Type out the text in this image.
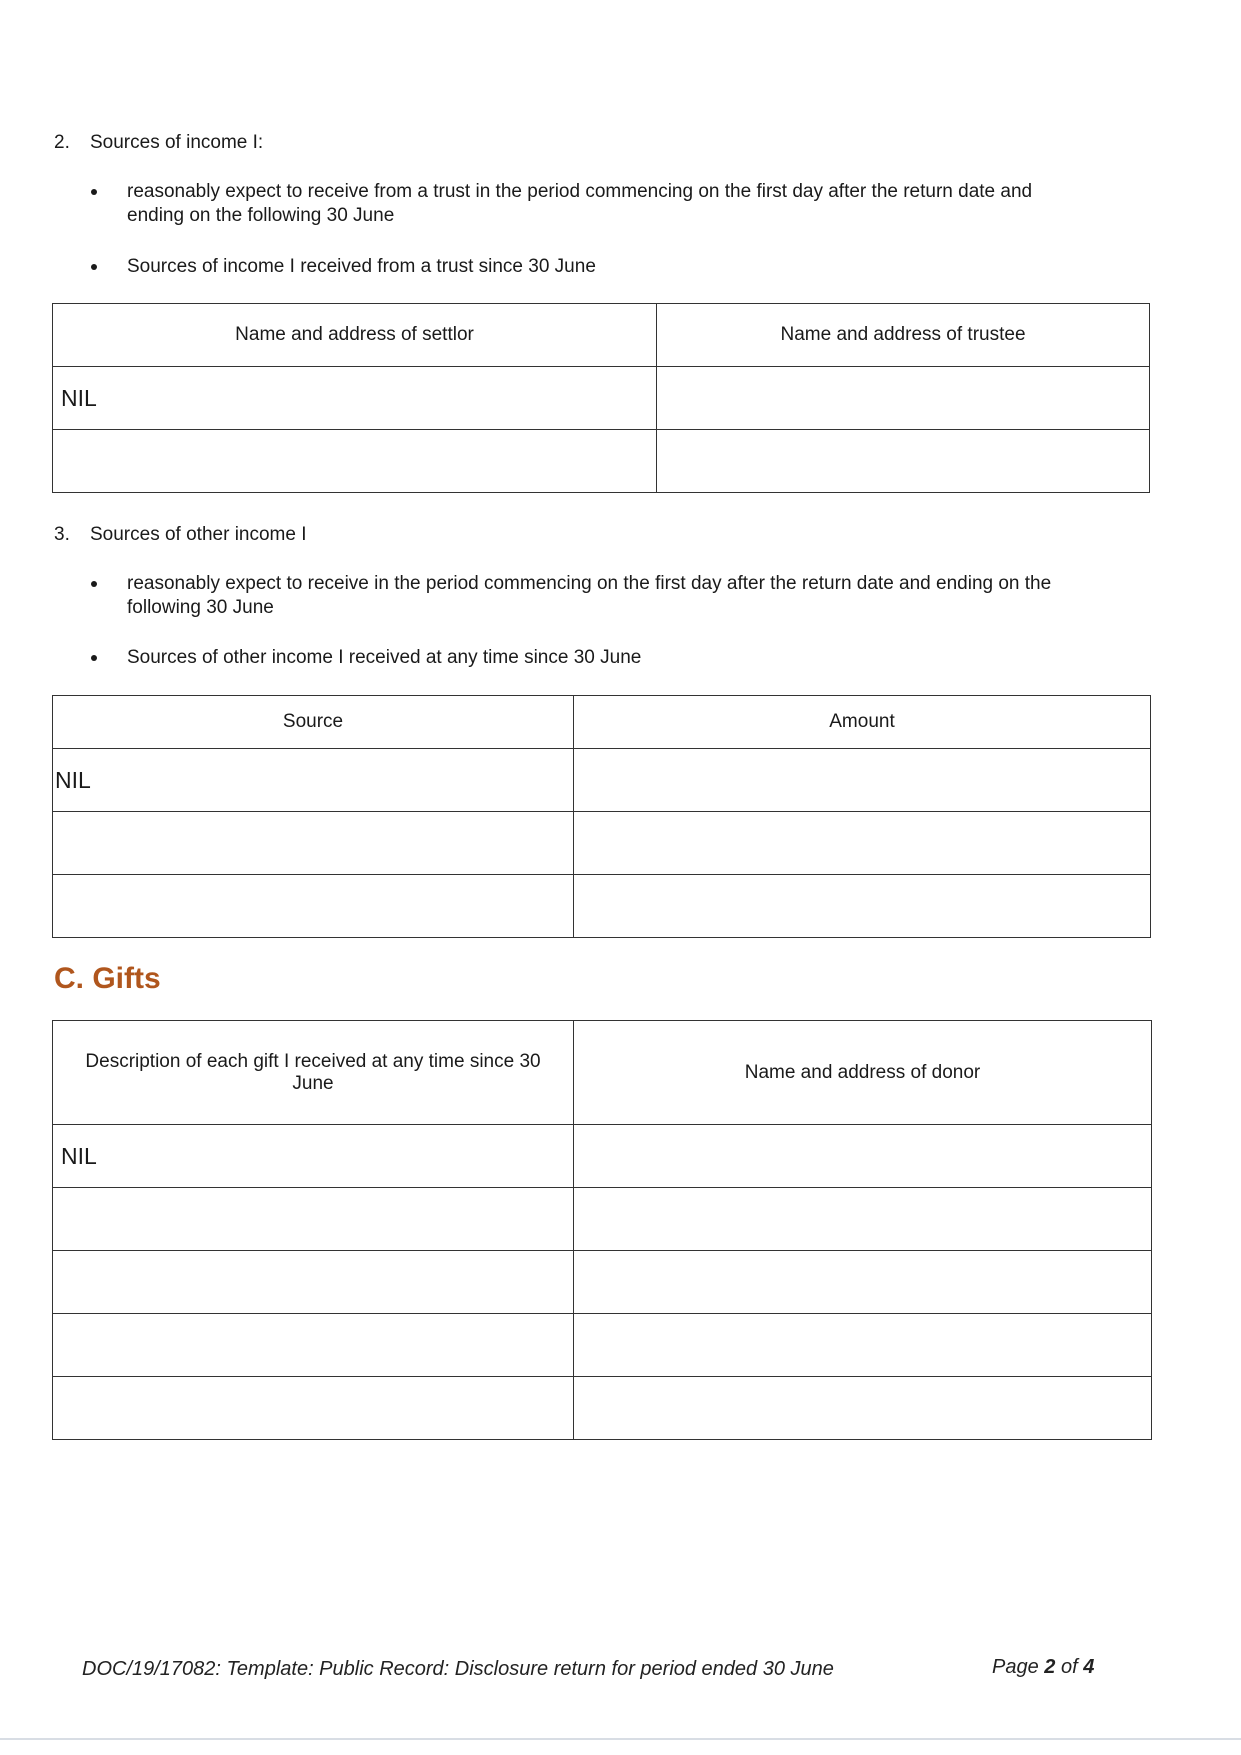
2. Sources of income I:
reasonably expect to receive from a trust in the period commencing on the first day after the return date and
ending on the following 30 June
Sources of income I received from a trust since 30 June
Name and address of settlor	Name and address of trustee
NIL	

3. Sources of other income I
reasonably expect to receive in the period commencing on the first day after the return date and ending on the
following 30 June
Sources of other income I received at any time since 30 June
Source	Amount
NIL	

C. Gifts
Description of each gift I received at any time since 30
June	Name and address of donor
NIL	

DOC/19/17082: Template: Public Record: Disclosure return for period ended 30 June	Page 2 of 4
